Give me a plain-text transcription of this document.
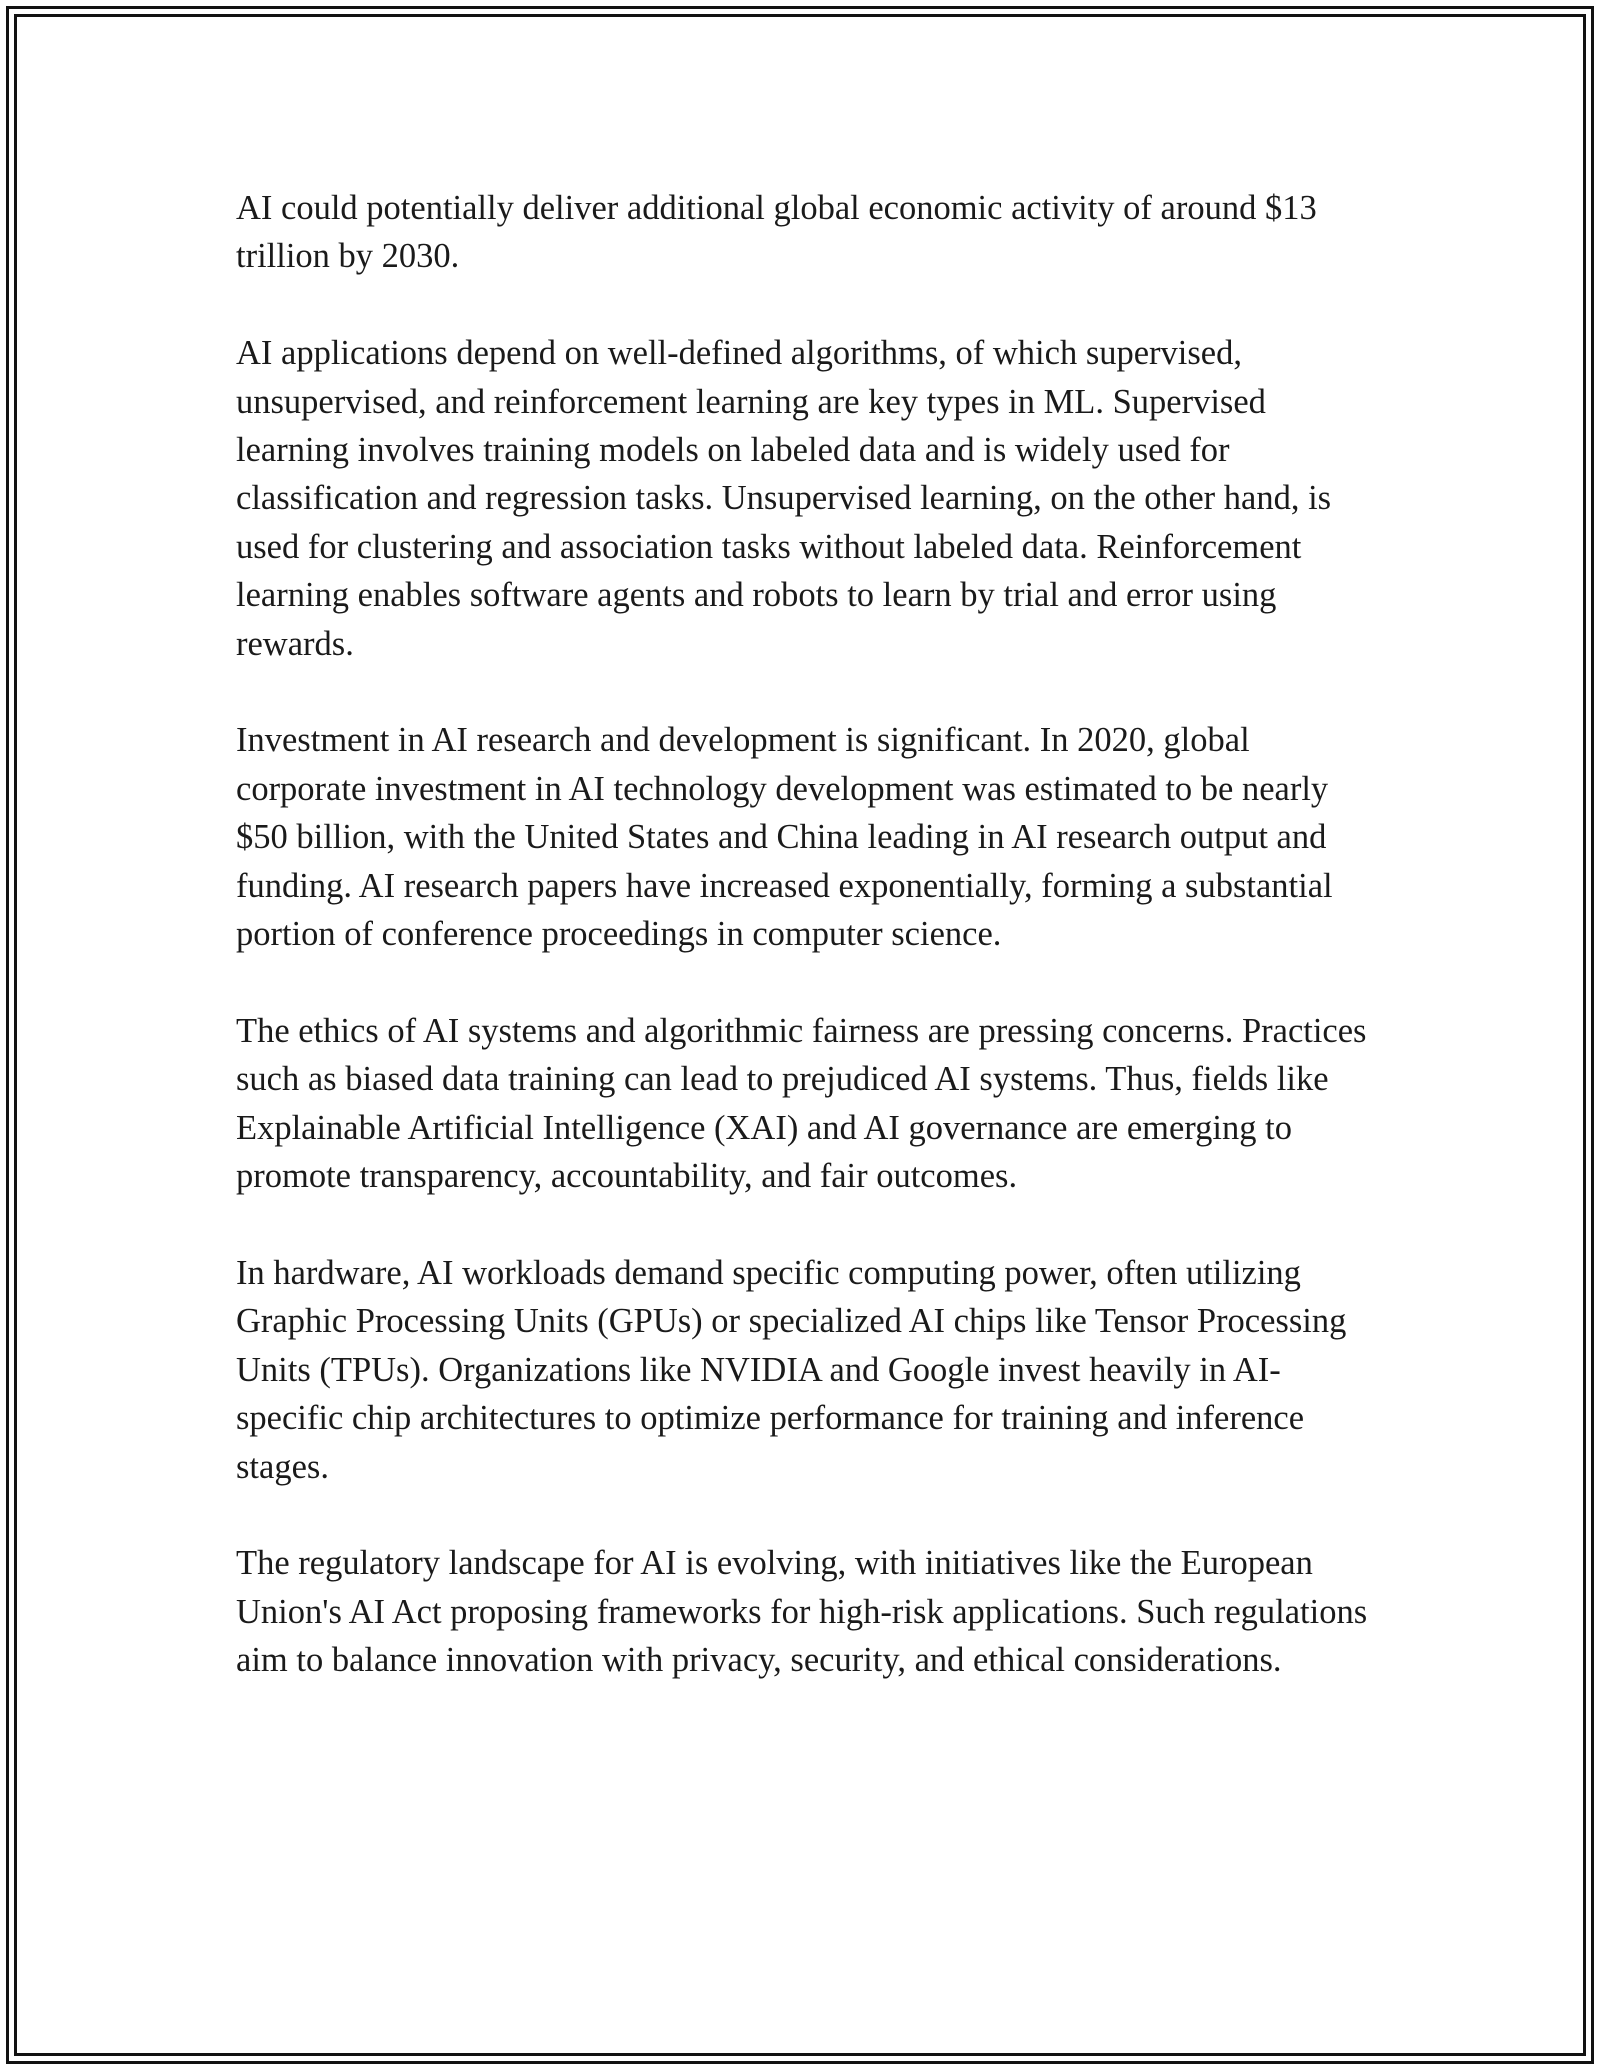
AI could potentially deliver additional global economic activity of around $13 trillion by 2030.

AI applications depend on well-defined algorithms, of which supervised, unsupervised, and reinforcement learning are key types in ML. Supervised learning involves training models on labeled data and is widely used for classification and regression tasks. Unsupervised learning, on the other hand, is used for clustering and association tasks without labeled data. Reinforcement learning enables software agents and robots to learn by trial and error using rewards.

Investment in AI research and development is significant. In 2020, global corporate investment in AI technology development was estimated to be nearly $50 billion, with the United States and China leading in AI research output and funding. AI research papers have increased exponentially, forming a substantial portion of conference proceedings in computer science.

The ethics of AI systems and algorithmic fairness are pressing concerns. Practices such as biased data training can lead to prejudiced AI systems. Thus, fields like Explainable Artificial Intelligence (XAI) and AI governance are emerging to promote transparency, accountability, and fair outcomes.

In hardware, AI workloads demand specific computing power, often utilizing Graphic Processing Units (GPUs) or specialized AI chips like Tensor Processing Units (TPUs). Organizations like NVIDIA and Google invest heavily in AI-specific chip architectures to optimize performance for training and inference stages.

The regulatory landscape for AI is evolving, with initiatives like the European Union's AI Act proposing frameworks for high-risk applications. Such regulations aim to balance innovation with privacy, security, and ethical considerations.
